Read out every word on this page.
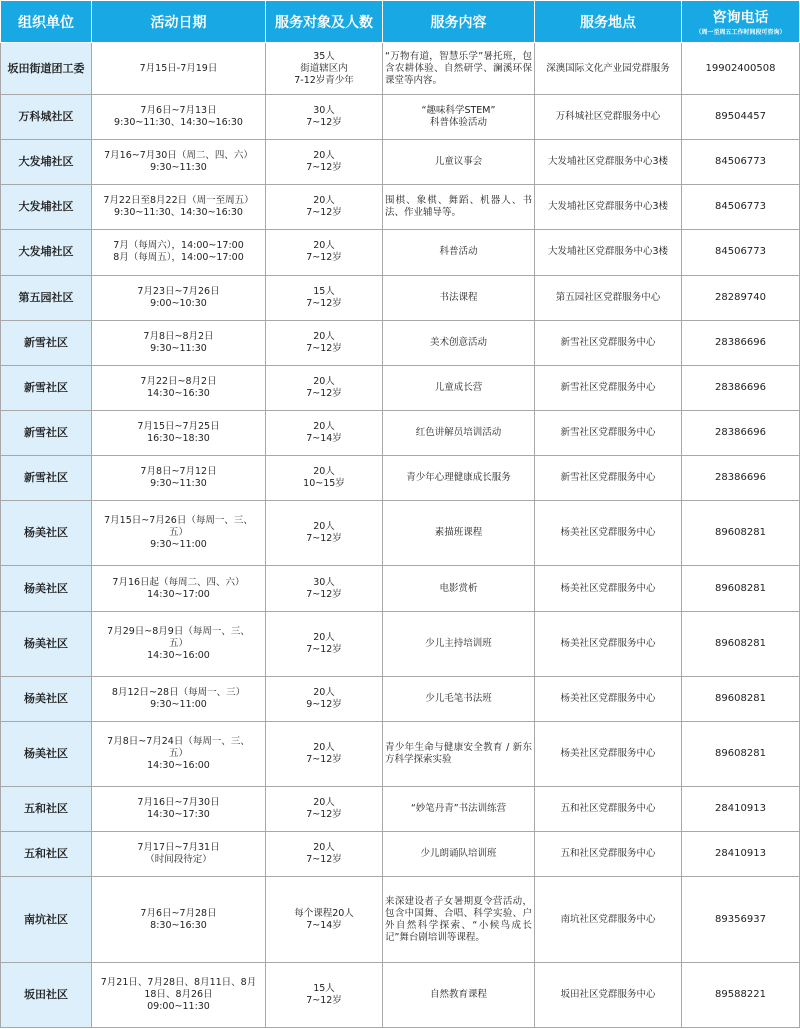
组织单位	活动日期	服务对象及人数	服务内容	服务地点	咨询电话
（周一至周五工作时间段可咨询）

坂田街道团工委	7月15日-7月19日	35人
街道辖区内
7-12岁青少年	“万物有道，智慧乐学”暑托班，包含农耕体验、自然研学、澜溪环保课堂等内容。	深澳国际文化产业园党群服务	19902400508
万科城社区	7月6日~7月13日
9:30~11:30、14:30~16:30	30人
7~12岁	“趣味科学STEM”
科普体验活动	万科城社区党群服务中心	89504457
大发埔社区	7月16~7月30日（周二、四、六）
9:30~11:30	20人
7~12岁	儿童议事会	大发埔社区党群服务中心3楼	84506773
大发埔社区	7月22日至8月22日（周一至周五）
9:30~11:30、14:30~16:30	20人
7~12岁	围棋、象棋、舞蹈、机器人、书法、作业辅导等。	大发埔社区党群服务中心3楼	84506773
大发埔社区	7月（每周六），14:00~17:00
8月（每周五），14:00~17:00	20人
7~12岁	科普活动	大发埔社区党群服务中心3楼	84506773
第五园社区	7月23日~7月26日
9:00~10:30	15人
7~12岁	书法课程	第五园社区党群服务中心	28289740
新雪社区	7月8日~8月2日
9:30~11:30	20人
7~12岁	美术创意活动	新雪社区党群服务中心	28386696
新雪社区	7月22日~8月2日
14:30~16:30	20人
7~12岁	儿童成长营	新雪社区党群服务中心	28386696
新雪社区	7月15日~7月25日
16:30~18:30	20人
7~14岁	红色讲解员培训活动	新雪社区党群服务中心	28386696
新雪社区	7月8日~7月12日
9:30~11:30	20人
10~15岁	青少年心理健康成长服务	新雪社区党群服务中心	28386696
杨美社区	7月15日~7月26日（每周一、三、
五）
9:30~11:00	20人
7~12岁	素描班课程	杨美社区党群服务中心	89608281
杨美社区	7月16日起（每周二、四、六）
14:30~17:00	30人
7~12岁	电影赏析	杨美社区党群服务中心	89608281
杨美社区	7月29日~8月9日（每周一、三、
五）
14:30~16:00	20人
7~12岁	少儿主持培训班	杨美社区党群服务中心	89608281
杨美社区	8月12日~28日（每周一、三）
9:30~11:00	20人
9~12岁	少儿毛笔书法班	杨美社区党群服务中心	89608281
杨美社区	7月8日~7月24日（每周一、三、
五）
14:30~16:00	20人
7~12岁	青少年生命与健康安全教育 / 新东方科学探索实验	杨美社区党群服务中心	89608281
五和社区	7月16日~7月30日
14:30~17:30	20人
7~12岁	“妙笔丹青”书法训练营	五和社区党群服务中心	28410913
五和社区	7月17日~7月31日
（时间段待定）	20人
7~12岁	少儿朗诵队培训班	五和社区党群服务中心	28410913
南坑社区	7月6日~7月28日
8:30~16:30	每个课程20人
7~14岁	来深建设者子女暑期夏令营活动，包含中国舞、合唱、科学实验、户外自然科学探索、“小候鸟成长记”舞台剧培训等课程。	南坑社区党群服务中心	89356937
坂田社区	7月21日、7月28日、8月11日、8月
18日、8月26日
09:00~11:30	15人
7~12岁	自然教育课程	坂田社区党群服务中心	89588221
